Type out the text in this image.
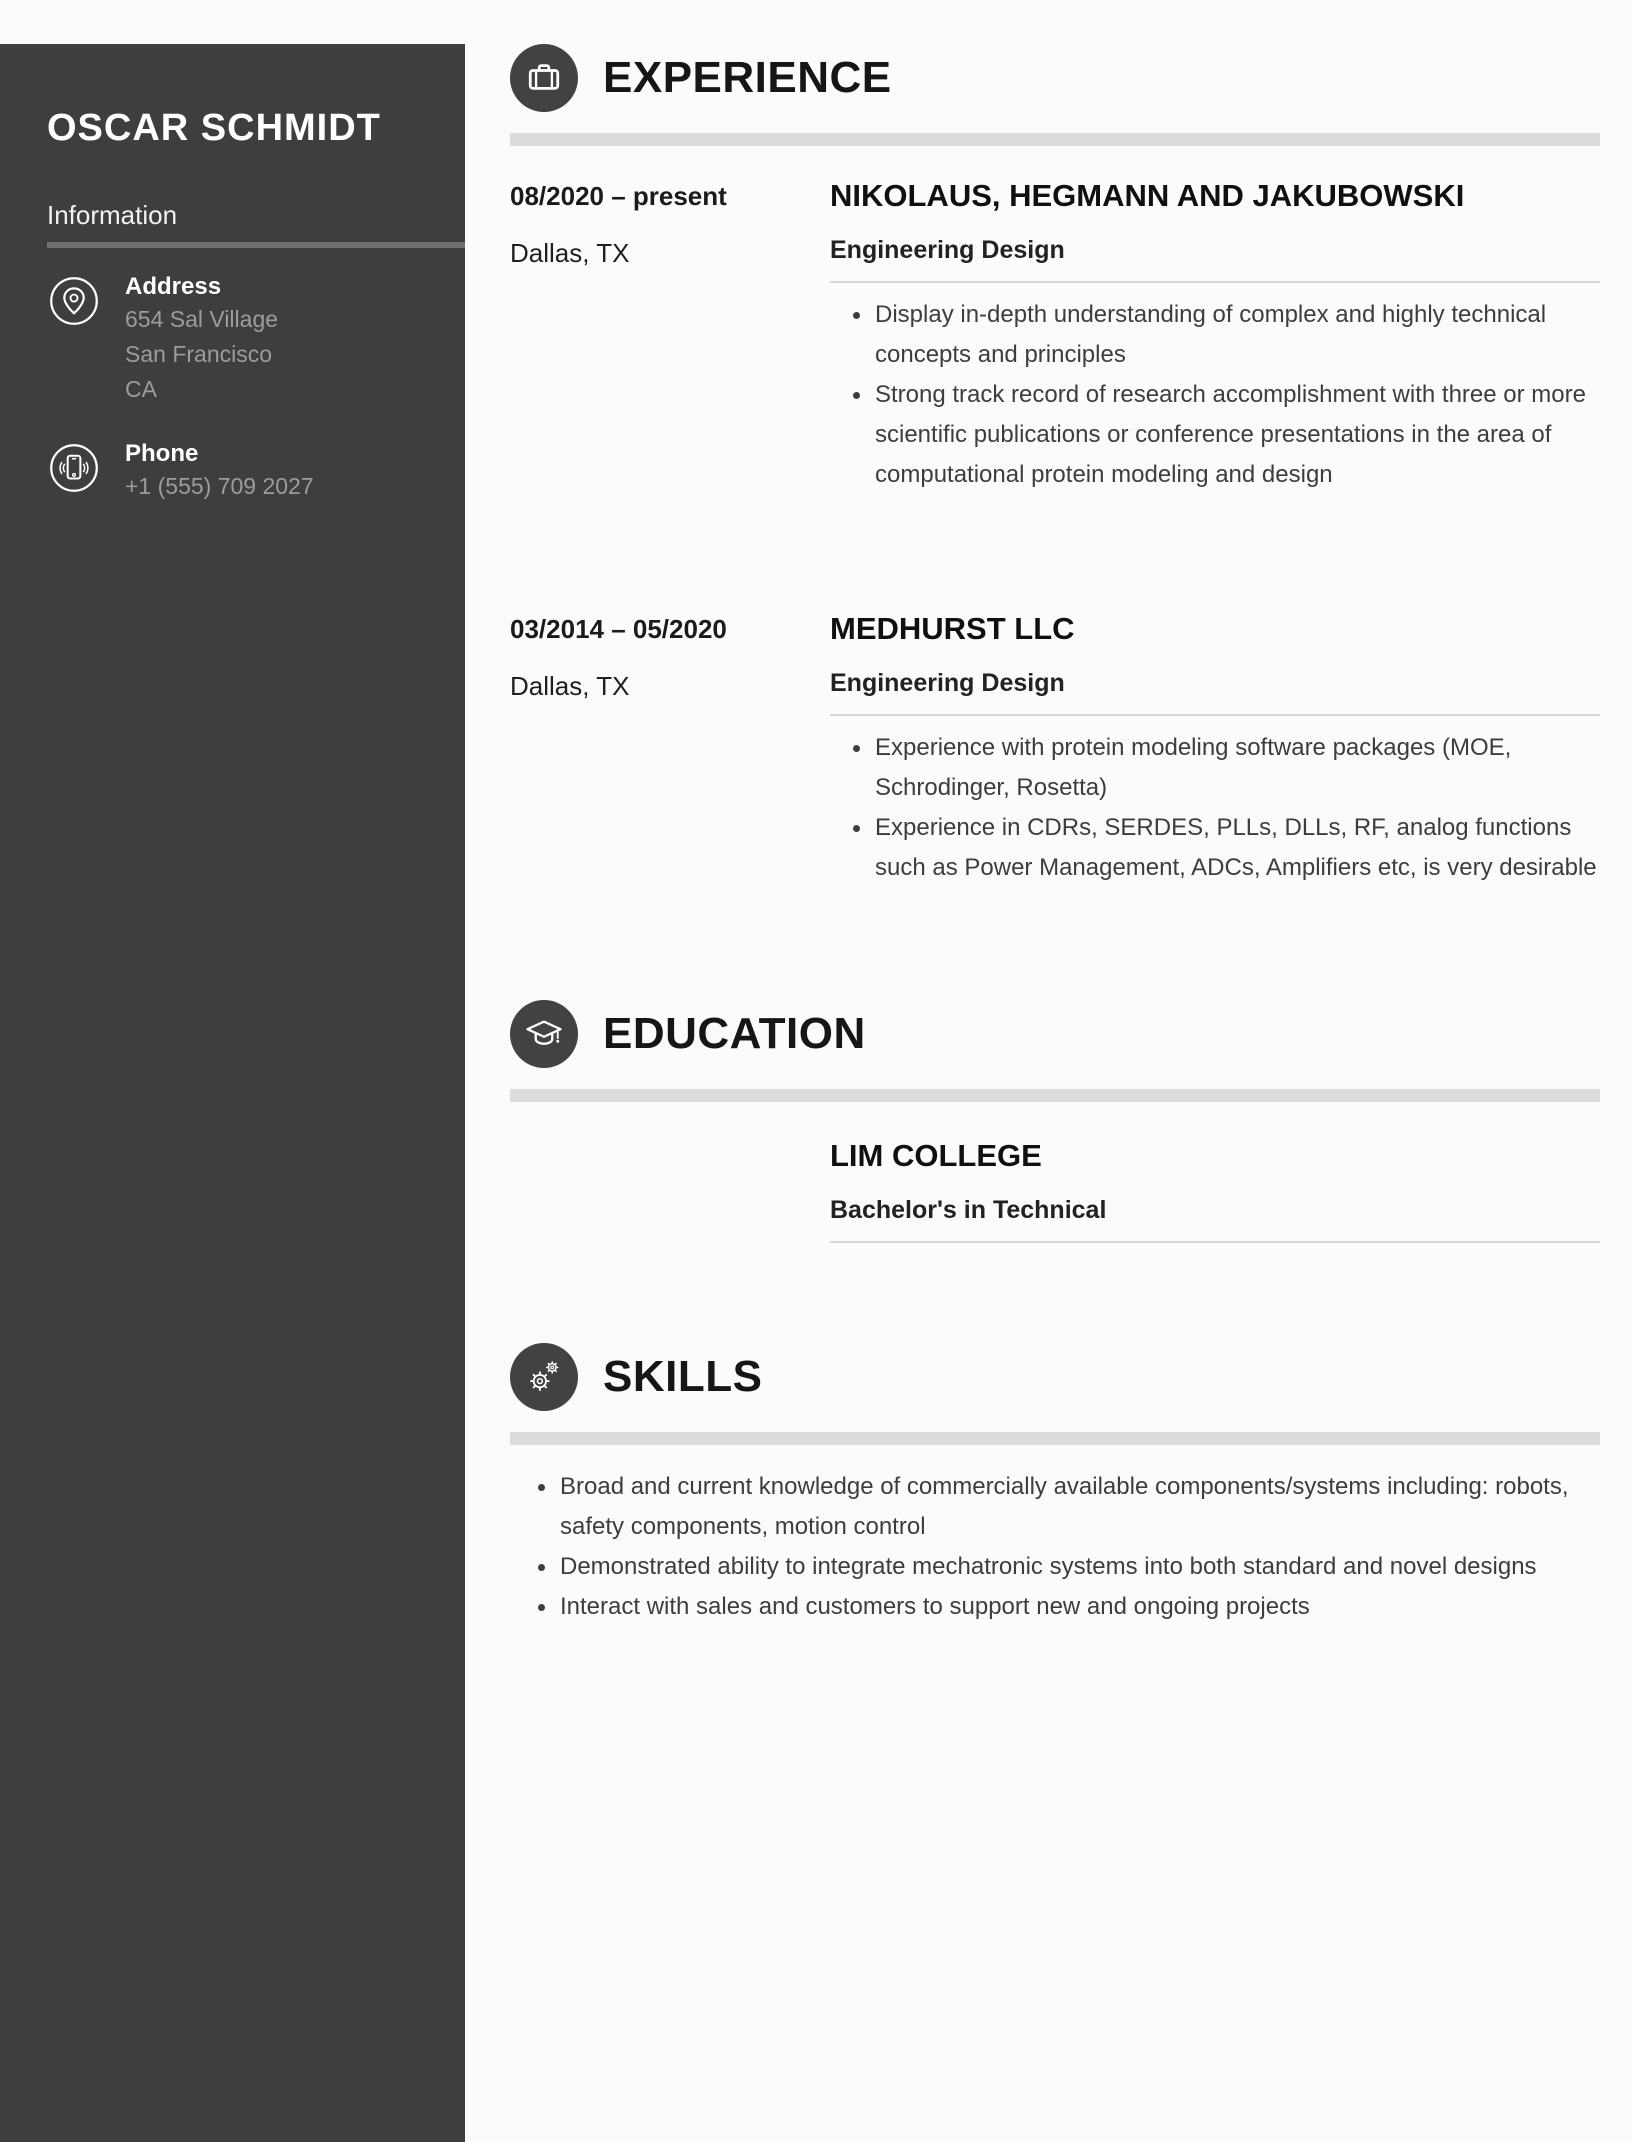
OSCAR SCHMIDT
Information
Address
654 Sal Village
San Francisco
CA
Phone
+1 (555) 709 2027
EXPERIENCE
08/2020 – present
Dallas, TX
NIKOLAUS, HEGMANN AND JAKUBOWSKI
Engineering Design
Display in-depth understanding of complex and highly technical concepts and principles
Strong track record of research accomplishment with three or more scientific publications or conference presentations in the area of computational protein modeling and design
03/2014 – 05/2020
Dallas, TX
MEDHURST LLC
Engineering Design
Experience with protein modeling software packages (MOE, Schrodinger, Rosetta)
Experience in CDRs, SERDES, PLLs, DLLs, RF, analog functions such as Power Management, ADCs, Amplifiers etc, is very desirable
EDUCATION
LIM COLLEGE
Bachelor's in Technical
SKILLS
Broad and current knowledge of commercially available components/systems including: robots, safety components, motion control
Demonstrated ability to integrate mechatronic systems into both standard and novel designs
Interact with sales and customers to support new and ongoing projects
